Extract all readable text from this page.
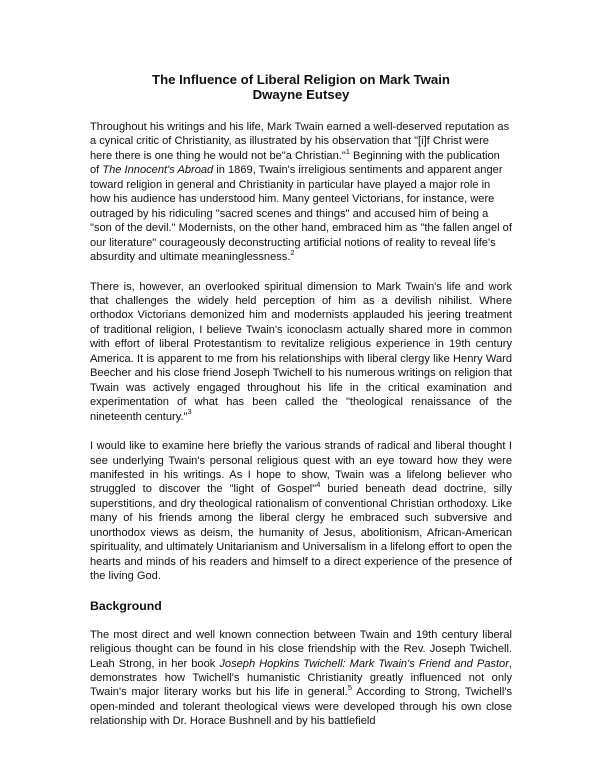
The Influence of Liberal Religion on Mark Twain

Dwayne Eutsey

Throughout his writings and his life, Mark Twain earned a well-deserved reputation as a cynical critic of Christianity, as illustrated by his observation that "[i]f Christ were here there is one thing he would not be"a Christian."$^1$ Beginning with the publication of The Innocent's Abroad in 1869, Twain's irreligious sentiments and apparent anger toward religion in general and Christianity in particular have played a major role in how his audience has understood him. Many genteel Victorians, for instance, were outraged by his ridiculing "sacred scenes and things" and accused him of being a "son of the devil." Modernists, on the other hand, embraced him as "the fallen angel of our literature" courageously deconstructing artificial notions of reality to reveal life's absurdity and ultimate meaninglessness.$^2$

There is, however, an overlooked spiritual dimension to Mark Twain's life and work that challenges the widely held perception of him as a devilish nihilist. Where orthodox Victorians demonized him and modernists applauded his jeering treatment of traditional religion, I believe Twain's iconoclasm actually shared more in common with effort of liberal Protestantism to revitalize religious experience in 19th century America. It is apparent to me from his relationships with liberal clergy like Henry Ward Beecher and his close friend Joseph Twichell to his numerous writings on religion that Twain was actively engaged throughout his life in the critical examination and experimentation of what has been called the "theological renaissance of the nineteenth century."$^3$

I would like to examine here briefly the various strands of radical and liberal thought I see underlying Twain's personal religious quest with an eye toward how they were manifested in his writings. As I hope to show, Twain was a lifelong believer who struggled to discover the "light of Gospel"$^4$ buried beneath dead doctrine, silly superstitions, and dry theological rationalism of conventional Christian orthodoxy. Like many of his friends among the liberal clergy he embraced such subversive and unorthodox views as deism, the humanity of Jesus, abolitionism, African-American spirituality, and ultimately Unitarianism and Universalism in a lifelong effort to open the hearts and minds of his readers and himself to a direct experience of the presence of the living God.

Background

The most direct and well known connection between Twain and 19th century liberal religious thought can be found in his close friendship with the Rev. Joseph Twichell. Leah Strong, in her book Joseph Hopkins Twichell: Mark Twain's Friend and Pastor, demonstrates how Twichell's humanistic Christianity greatly influenced not only Twain's major literary works but his life in general.$^5$ According to Strong, Twichell's open-minded and tolerant theological views were developed through his own close relationship with Dr. Horace Bushnell and by his battlefield
